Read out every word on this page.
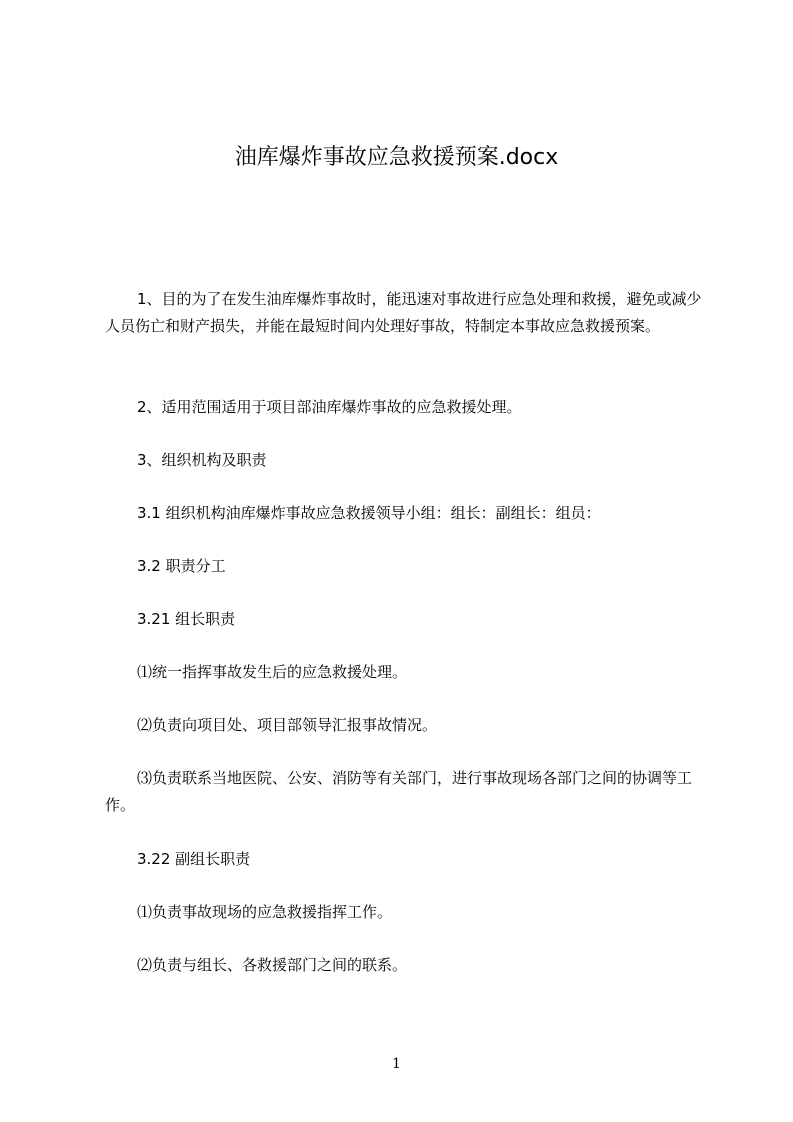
油库爆炸事故应急救援预案.docx

1、目的为了在发生油库爆炸事故时，能迅速对事故进行应急处理和救援，避免或减少人员伤亡和财产损失，并能在最短时间内处理好事故，特制定本事故应急救援预案。

2、适用范围适用于项目部油库爆炸事故的应急救援处理。

3、组织机构及职责

3.1 组织机构油库爆炸事故应急救援领导小组：组长：副组长：组员：

3.2 职责分工

3.21 组长职责

⑴统一指挥事故发生后的应急救援处理。

⑵负责向项目处、项目部领导汇报事故情况。

⑶负责联系当地医院、公安、消防等有关部门，进行事故现场各部门之间的协调等工作。

3.22 副组长职责

⑴负责事故现场的应急救援指挥工作。

⑵负责与组长、各救援部门之间的联系。

1
